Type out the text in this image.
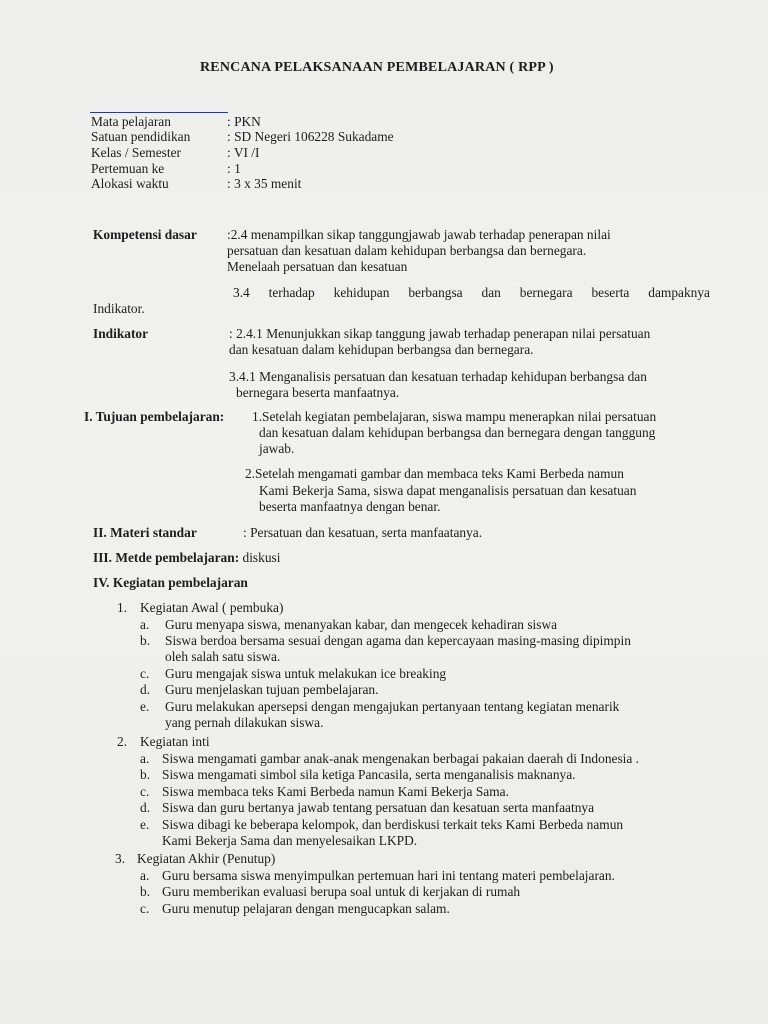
RENCANA PELAKSANAAN PEMBELAJARAN ( RPP )
Mata pelajaran	: PKN
Satuan pendidikan	: SD Negeri 106228 Sukadame
Kelas / Semester	: VI /I
Pertemuan ke	: 1
Alokasi waktu	: 3 x 35 menit
Kompetensi dasar :2.4 menampilkan sikap tanggungjawab jawab terhadap penerapan nilai
persatuan dan kesatuan dalam kehidupan berbangsa dan bernegara.
Menelaah persatuan dan kesatuan
3.4 terhadap kehidupan berbangsa dan bernegara beserta dampaknya
Indikator.
Indikator	: 2.4.1 Menunjukkan sikap tanggung jawab terhadap penerapan nilai persatuan
dan kesatuan dalam kehidupan berbangsa dan bernegara.
3.4.1 Menganalisis persatuan dan kesatuan terhadap kehidupan berbangsa dan
bernegara beserta manfaatnya.
I. Tujuan pembelajaran: 1.Setelah kegiatan pembelajaran, siswa mampu menerapkan nilai persatuan
dan kesatuan dalam kehidupan berbangsa dan bernegara dengan tanggung
jawab.
2.Setelah mengamati gambar dan membaca teks Kami Berbeda namun
Kami Bekerja Sama, siswa dapat menganalisis persatuan dan kesatuan
beserta manfaatnya dengan benar.
II. Materi standar	: Persatuan dan kesatuan, serta manfaatanya.
III. Metde pembelajaran: diskusi
IV. Kegiatan pembelajaran
1. Kegiatan Awal ( pembuka)
a. Guru menyapa siswa, menanyakan kabar, dan mengecek kehadiran siswa
b. Siswa berdoa bersama sesuai dengan agama dan kepercayaan masing-masing dipimpin
oleh salah satu siswa.
c. Guru mengajak siswa untuk melakukan ice breaking
d. Guru menjelaskan tujuan pembelajaran.
e. Guru melakukan apersepsi dengan mengajukan pertanyaan tentang kegiatan menarik
yang pernah dilakukan siswa.
2. Kegiatan inti
a. Siswa mengamati gambar anak-anak mengenakan berbagai pakaian daerah di Indonesia .
b. Siswa mengamati simbol sila ketiga Pancasila, serta menganalisis maknanya.
c. Siswa membaca teks Kami Berbeda namun Kami Bekerja Sama.
d. Siswa dan guru bertanya jawab tentang persatuan dan kesatuan serta manfaatnya
e. Siswa dibagi ke beberapa kelompok, dan berdiskusi terkait teks Kami Berbeda namun
Kami Bekerja Sama dan menyelesaikan LKPD.
3. Kegiatan Akhir (Penutup)
a. Guru bersama siswa menyimpulkan pertemuan hari ini tentang materi pembelajaran.
b. Guru memberikan evaluasi berupa soal untuk di kerjakan di rumah
c. Guru menutup pelajaran dengan mengucapkan salam.
